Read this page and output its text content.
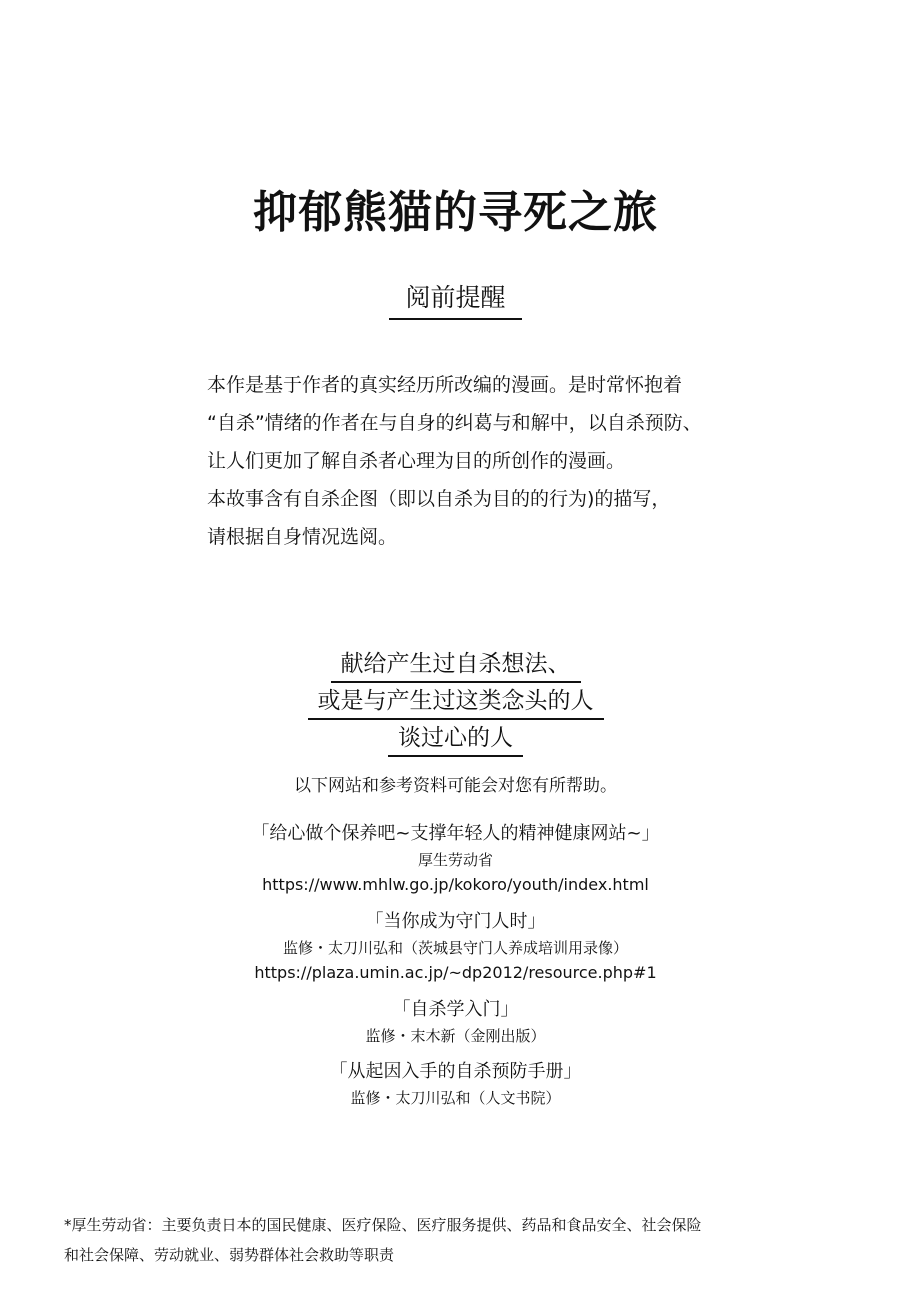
抑郁熊猫的寻死之旅
阅前提醒
本作是基于作者的真实经历所改编的漫画。是时常怀抱着
“自杀”情绪的作者在与自身的纠葛与和解中，以自杀预防、
让人们更加了解自杀者心理为目的所创作的漫画。
本故事含有自杀企图（即以自杀为目的的行为)的描写，
请根据自身情况选阅。
献给产生过自杀想法、
或是与产生过这类念头的人
谈过心的人
以下网站和参考资料可能会对您有所帮助。
「给心做个保养吧~支撑年轻人的精神健康网站~」
厚生劳动省
https://www.mhlw.go.jp/kokoro/youth/index.html
「当你成为守门人时」
监修・太刀川弘和（茨城县守门人养成培训用录像）
https://plaza.umin.ac.jp/~dp2012/resource.php#1
「自杀学入门」
监修・末木新（金刚出版）
「从起因入手的自杀预防手册」
监修・太刀川弘和（人文书院）
*厚生劳动省：主要负责日本的国民健康、医疗保险、医疗服务提供、药品和食品安全、社会保险
和社会保障、劳动就业、弱势群体社会救助等职责
